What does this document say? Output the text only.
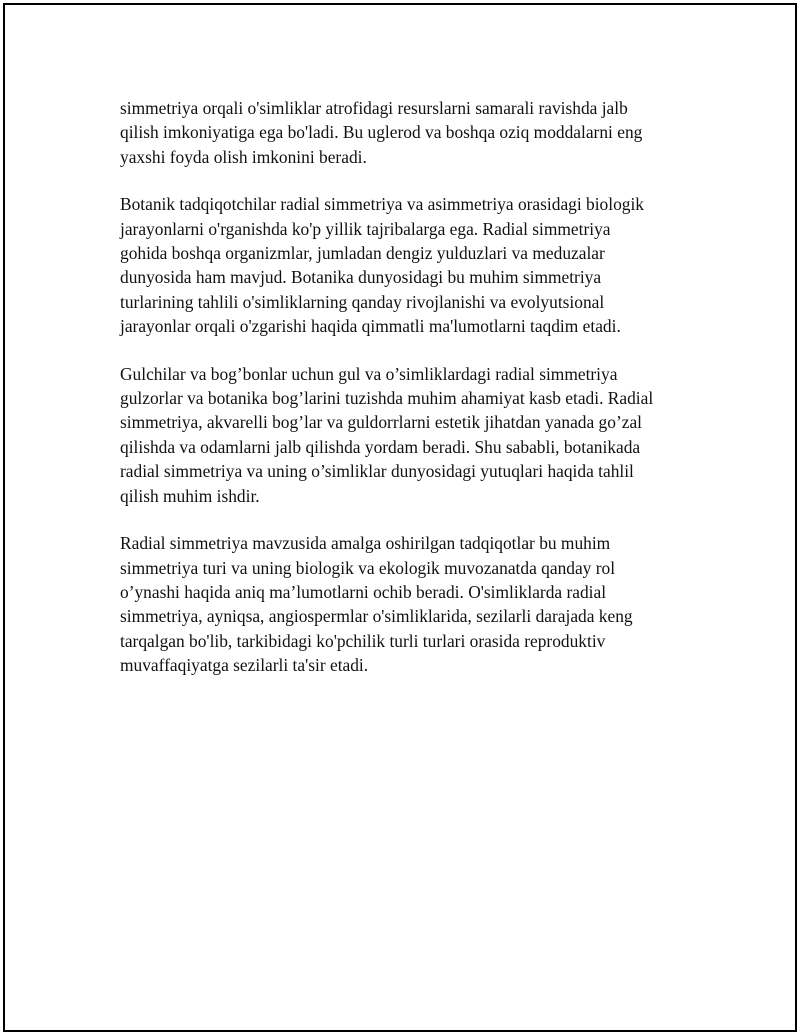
simmetriya orqali o'simliklar atrofidagi resurslarni samarali ravishda jalb
qilish imkoniyatiga ega bo'ladi. Bu uglerod va boshqa oziq moddalarni eng
yaxshi foyda olish imkonini beradi.

Botanik tadqiqotchilar radial simmetriya va asimmetriya orasidagi biologik
jarayonlarni o'rganishda ko'p yillik tajribalarga ega. Radial simmetriya
gohida boshqa organizmlar, jumladan dengiz yulduzlari va meduzalar
dunyosida ham mavjud. Botanika dunyosidagi bu muhim simmetriya
turlarining tahlili o'simliklarning qanday rivojlanishi va evolyutsional
jarayonlar orqali o'zgarishi haqida qimmatli ma'lumotlarni taqdim etadi.

Gulchilar va bog’bonlar uchun gul va o’simliklardagi radial simmetriya
gulzorlar va botanika bog’larini tuzishda muhim ahamiyat kasb etadi. Radial
simmetriya, akvarelli bog’lar va guldorrlarni estetik jihatdan yanada go’zal
qilishda va odamlarni jalb qilishda yordam beradi. Shu sababli, botanikada
radial simmetriya va uning o’simliklar dunyosidagi yutuqlari haqida tahlil
qilish muhim ishdir.

Radial simmetriya mavzusida amalga oshirilgan tadqiqotlar bu muhim
simmetriya turi va uning biologik va ekologik muvozanatda qanday rol
o’ynashi haqida aniq ma’lumotlarni ochib beradi. O'simliklarda radial
simmetriya, ayniqsa, angiospermlar o'simliklarida, sezilarli darajada keng
tarqalgan bo'lib, tarkibidagi ko'pchilik turli turlari orasida reproduktiv
muvaffaqiyatga sezilarli ta'sir etadi.
